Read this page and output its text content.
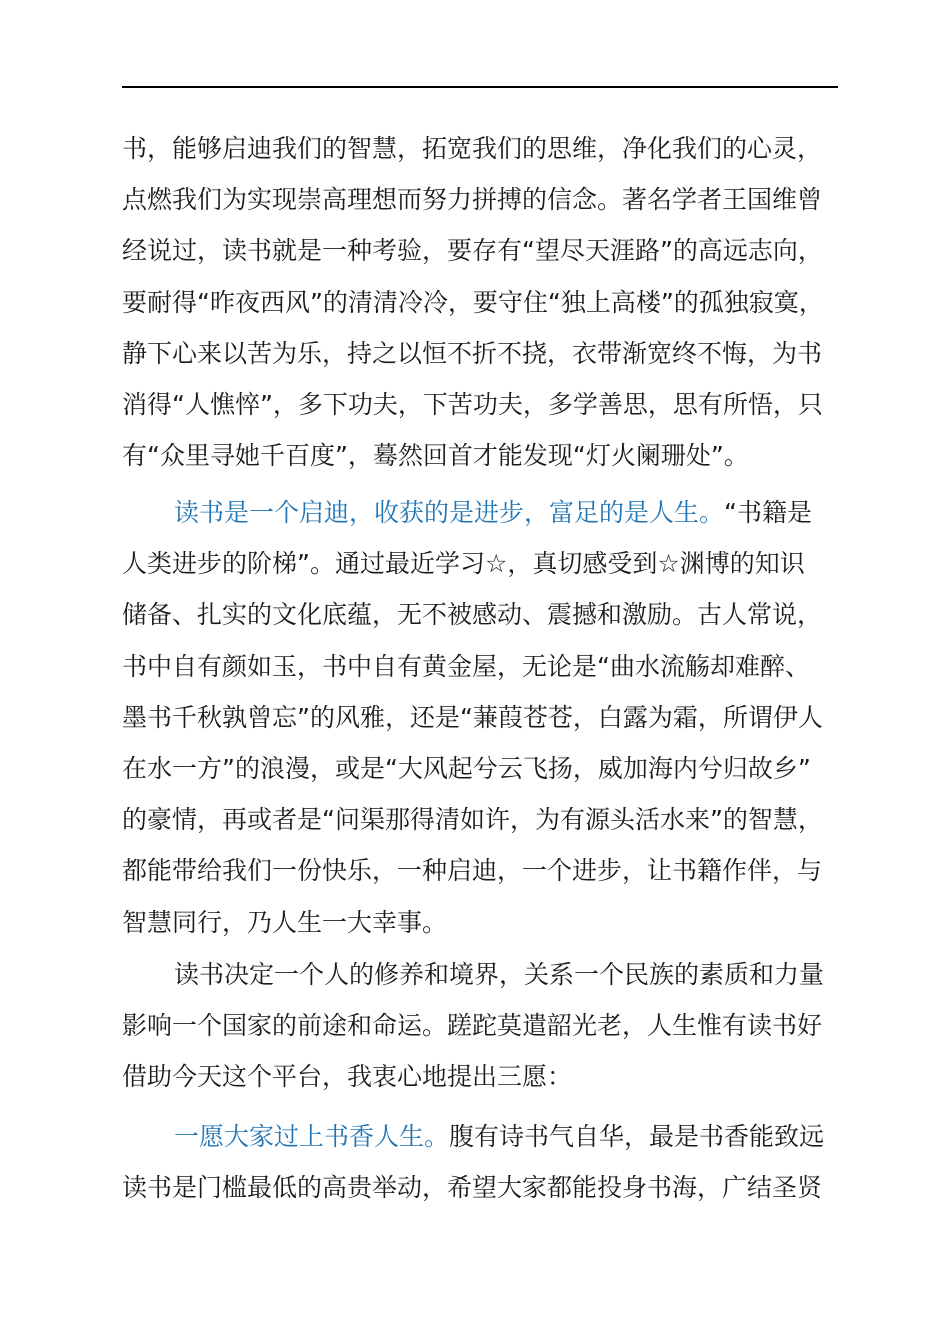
书，能够启迪我们的智慧，拓宽我们的思维，净化我们的心灵，
点燃我们为实现崇高理想而努力拼搏的信念。著名学者王国维曾
经说过，读书就是一种考验，要存有“望尽天涯路”的高远志向，
要耐得“昨夜西风”的清清冷冷，要守住“独上高楼”的孤独寂寞，
静下心来以苦为乐，持之以恒不折不挠，衣带渐宽终不悔，为书
消得“人憔悴”，多下功夫，下苦功夫，多学善思，思有所悟，只
有“众里寻她千百度”，蓦然回首才能发现“灯火阑珊处”。
读书是一个启迪，收获的是进步，富足的是人生。“书籍是
人类进步的阶梯”。通过最近学习☆，真切感受到☆渊博的知识
储备、扎实的文化底蕴，无不被感动、震撼和激励。古人常说，
书中自有颜如玉，书中自有黄金屋，无论是“曲水流觞却难醉、
墨书千秋孰曾忘”的风雅，还是“蒹葭苍苍，白露为霜，所谓伊人
在水一方”的浪漫，或是“大风起兮云飞扬，威加海内兮归故乡”
的豪情，再或者是“问渠那得清如许，为有源头活水来”的智慧，
都能带给我们一份快乐，一种启迪，一个进步，让书籍作伴，与
智慧同行，乃人生一大幸事。
读书决定一个人的修养和境界，关系一个民族的素质和力量
影响一个国家的前途和命运。蹉跎莫遣韶光老，人生惟有读书好
借助今天这个平台，我衷心地提出三愿：
一愿大家过上书香人生。腹有诗书气自华，最是书香能致远
读书是门槛最低的高贵举动，希望大家都能投身书海，广结圣贤
